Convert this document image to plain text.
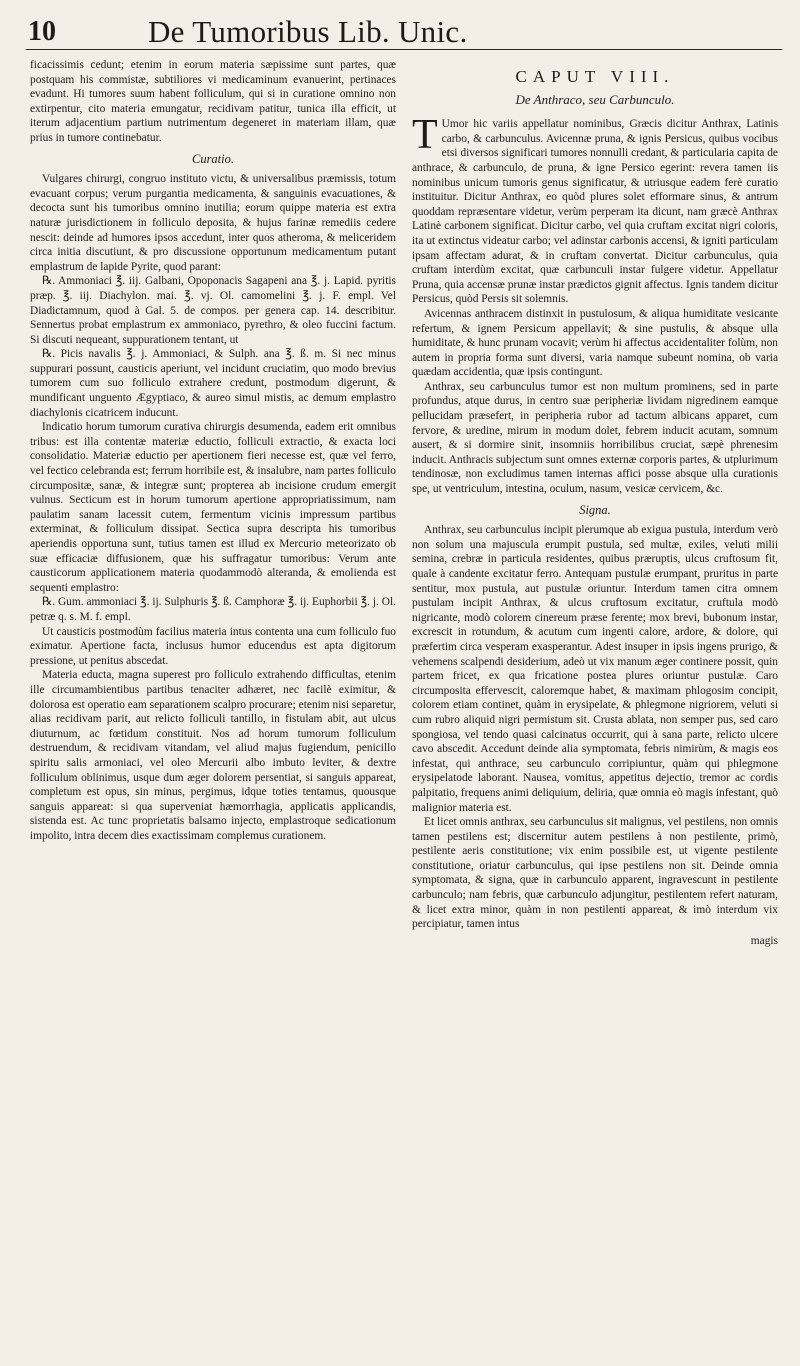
10	De Tumoribus Lib. Unic.

ficacissimis cedunt; etenim in eorum materia sæpissime sunt partes, quæ postquam his commistæ, subtiliores vi medicaminum evanuerint, pertinaces evadunt. Hi tumores suum habent folliculum, qui si in curatione omnino non extirpentur, cito materia emungatur, recidivam patitur, tunica illa efficit, ut iterum adjacentium partium nutrimentum degeneret in materiam illam, quæ prius in tumore continebatur.

Curatio.

Vulgares chirurgi, congruo instituto victu, & universalibus præmissis, totum evacuant corpus; verum purgantia medicamenta, & sanguinis evacuationes, & decocta sunt his tumoribus omnino inutilia; eorum quippe materia est extra naturæ jurisdictionem in folliculo deposita, & hujus farinæ remediis cedere nescit: deinde ad humores ipsos accedunt, inter quos atheroma, & meliceridem circa initia discutiunt, & pro discussione opportunum medicamentum putant emplastrum de lapide Pyrite, quod parant:

℞. Ammoniaci ℥. iij. Galbani, Opoponacis Sagapeni ana ℥. j. Lapid. pyritis præp. ℥. iij. Diachylon. mai. ℥. vj. Ol. camomelini ℥. j. F. empl. Vel Diadictamnum, quod à Gal. 5. de compos. per genera cap. 14. describitur. Sennertus probat emplastrum ex ammoniaco, pyrethro, & oleo fuccini factum. Si discuti nequeant, suppurationem tentant, ut

℞. Picis navalis ℥. j. Ammoniaci, & Sulph. ana ℥. ß. m. Si nec minus suppurari possunt, causticis aperiunt, vel incidunt cruciatim, quo modo brevius tumorem cum suo folliculo extrahere credunt, postmodum digerunt, & mundificant unguento Ægyptiaco, & aureo simul mistis, ac demum emplastro diachylonis cicatricem inducunt.

Indicatio horum tumorum curativa chirurgis desumenda, eadem erit omnibus tribus: est illa contentæ materiæ eductio, folliculi extractio, & exacta loci consolidatio. Materiæ eductio per apertionem fieri necesse est, quæ vel ferro, vel fectico celebranda est; ferrum horribile est, & insalubre, nam partes folliculo circumpositæ, sanæ, & integræ sunt; propterea ab incisione crudum emergit vulnus. Secticum est in horum tumorum apertione appropriatissimum, nam paulatim sanam lacessit cutem, fermentum vicinis impressum partibus exterminat, & folliculum dissipat. Sectica supra descripta his tumoribus aperiendis opportuna sunt, tutius tamen est illud ex Mercurio meteorizato ob suæ efficaciæ diffusionem, quæ his suffragatur tumoribus: Verum ante causticorum applicationem materia quodammodò alteranda, & emolienda est sequenti emplastro:

℞. Gum. ammoniaci ℥. ij. Sulphuris ℥. ß. Camphoræ ℥. ij. Euphorbii ℥. j. Ol. petræ q. s. M. f. empl.

Ut causticis postmodùm facilius materia intus contenta una cum folliculo fuo eximatur. Apertione facta, inclusus humor educendus est apta digitorum pressione, ut penitus abscedat.

Materia educta, magna superest pro folliculo extrahendo difficultas, etenim ille circumambientibus partibus tenaciter adhæret, nec facilè eximitur, & dolorosa est operatio eam separationem scalpro procurare; etenim nisi separetur, alias recidivam parit, aut relicto folliculi tantillo, in fistulam abit, aut ulcus diuturnum, ac fœtidum constituit. Nos ad horum tumorum folliculum destruendum, & recidivam vitandam, vel aliud majus fugiendum, penicillo spiritu salis armoniaci, vel oleo Mercurii albo imbuto leviter, & dextre folliculum oblinimus, usque dum æger dolorem persentiat, si sanguis appareat, completum est opus, sin minus, pergimus, idque toties tentamus, quousque sanguis appareat: si qua superveniat hæmorrhagia, applicatis applicandis, sistenda est. Ac tunc proprietatis balsamo injecto, emplastroque sedicationum impolito, intra decem dies exactissimam complemus curationem.

CAPUT VIII.
De Anthraco, seu Carbunculo.

T Umor hic variis appellatur nominibus, Græcis dicitur Anthrax, Latinis carbo, & carbunculus. Avicennæ pruna, & ignis Persicus, quibus vocibus etsi diversos significari tumores nonnulli credant, & particularia capita de anthrace, & carbunculo, de pruna, & igne Persico egerint: revera tamen iis nominibus unicum tumoris genus significatur, & utriusque eadem ferè curatio instituitur. Dicitur Anthrax, eo quòd plures solet efformare sinus, & antrum quoddam repræsentare videtur, verùm perperam ita dicunt, nam græcè Anthrax Latinè carbonem significat. Dicitur carbo, vel quia cruftam excitat nigri coloris, ita ut extinctus videatur carbo; vel adinstar carbonis accensi, & igniti particulam ipsam affectam adurat, & in cruftam convertat. Dicitur carbunculus, quia cruftam interdùm excitat, quæ carbunculi instar fulgere videtur. Appellatur Pruna, quia accensæ prunæ instar prædictos gignit affectus. Ignis tandem dicitur Persicus, quòd Persis sit solemnis.

Avicennas anthracem distinxit in pustulosum, & aliqua humiditate vesicante refertum, & ignem Persicum appellavit; & sine pustulis, & absque ulla humiditate, & hunc prunam vocavit; verùm hi affectus accidentaliter folùm, non autem in propria forma sunt diversi, varia namque subeunt nomina, ob varia quædam accidentia, quæ ipsis contingunt.

Anthrax, seu carbunculus tumor est non multum prominens, sed in parte profundus, atque durus, in centro suæ peripheriæ lividam nigredinem eamque pellucidam præsefert, in peripheria rubor ad tactum albicans apparet, cum fervore, & uredine, mirum in modum dolet, febrem inducit acutam, somnum ausert, & si dormire sinit, insomniis horribilibus cruciat, sæpè phrenesim inducit. Anthracis subjectum sunt omnes externæ corporis partes, & utplurimum tendinosæ, non excludimus tamen internas affici posse absque ulla curationis spe, ut ventriculum, intestina, oculum, nasum, vesicæ cervicem, &c.

Signa.

Anthrax, seu carbunculus incipit plerumque ab exigua pustula, interdum verò non solum una majuscula erumpit pustula, sed multæ, exiles, veluti milii semina, crebræ in particula residentes, quibus præruptis, ulcus cruftosum fit, quale à candente excitatur ferro. Antequam pustulæ erumpant, pruritus in parte sentitur, mox pustula, aut pustulæ oriuntur. Interdum tamen citra omnem pustulam incipit Anthrax, & ulcus cruftosum excitatur, cruftula modò nigricante, modò colorem cinereum præse ferente; mox brevi, bubonum instar, excrescit in rotundum, & acutum cum ingenti calore, ardore, & dolore, qui præfertim circa vesperam exasperantur. Adest insuper in ipsis ingens prurigo, & vehemens scalpendi desiderium, adeò ut vix manum æger continere possit, quin partem fricet, ex qua fricatione postea plures oriuntur pustulæ. Caro circumposita effervescit, caloremque habet, & maximam phlogosim concipit, colorem etiam continet, quàm in erysipelate, & phlegmone nigriorem, veluti si cum rubro aliquid nigri permistum sit. Crusta ablata, non semper pus, sed caro spongiosa, vel tendo quasi calcinatus occurrit, qui à sana parte, relicto ulcere cavo abscedit. Accedunt deinde alia symptomata, febris nimirùm, & magis eos infestat, qui anthrace, seu carbunculo corripiuntur, quàm qui phlegmone erysipelatode laborant. Nausea, vomitus, appetitus dejectio, tremor ac cordis palpitatio, frequens animi deliquium, deliria, quæ omnia eò magis infestant, quò malignior materia est.

Et licet omnis anthrax, seu carbunculus sit malignus, vel pestilens, non omnis tamen pestilens est; discernitur autem pestilens à non pestilente, primò, pestilente aeris constitutione; vix enim possibile est, ut vigente pestilente constitutione, oriatur carbunculus, qui ipse pestilens non sit. Deinde omnia symptomata, & signa, quæ in carbunculo apparent, ingravescunt in pestilente carbunculo; nam febris, quæ carbunculo adjungitur, pestilentem refert naturam, & licet extra minor, quàm in non pestilenti appareat, & imò interdum vix percipiatur, tamen intus

magis
